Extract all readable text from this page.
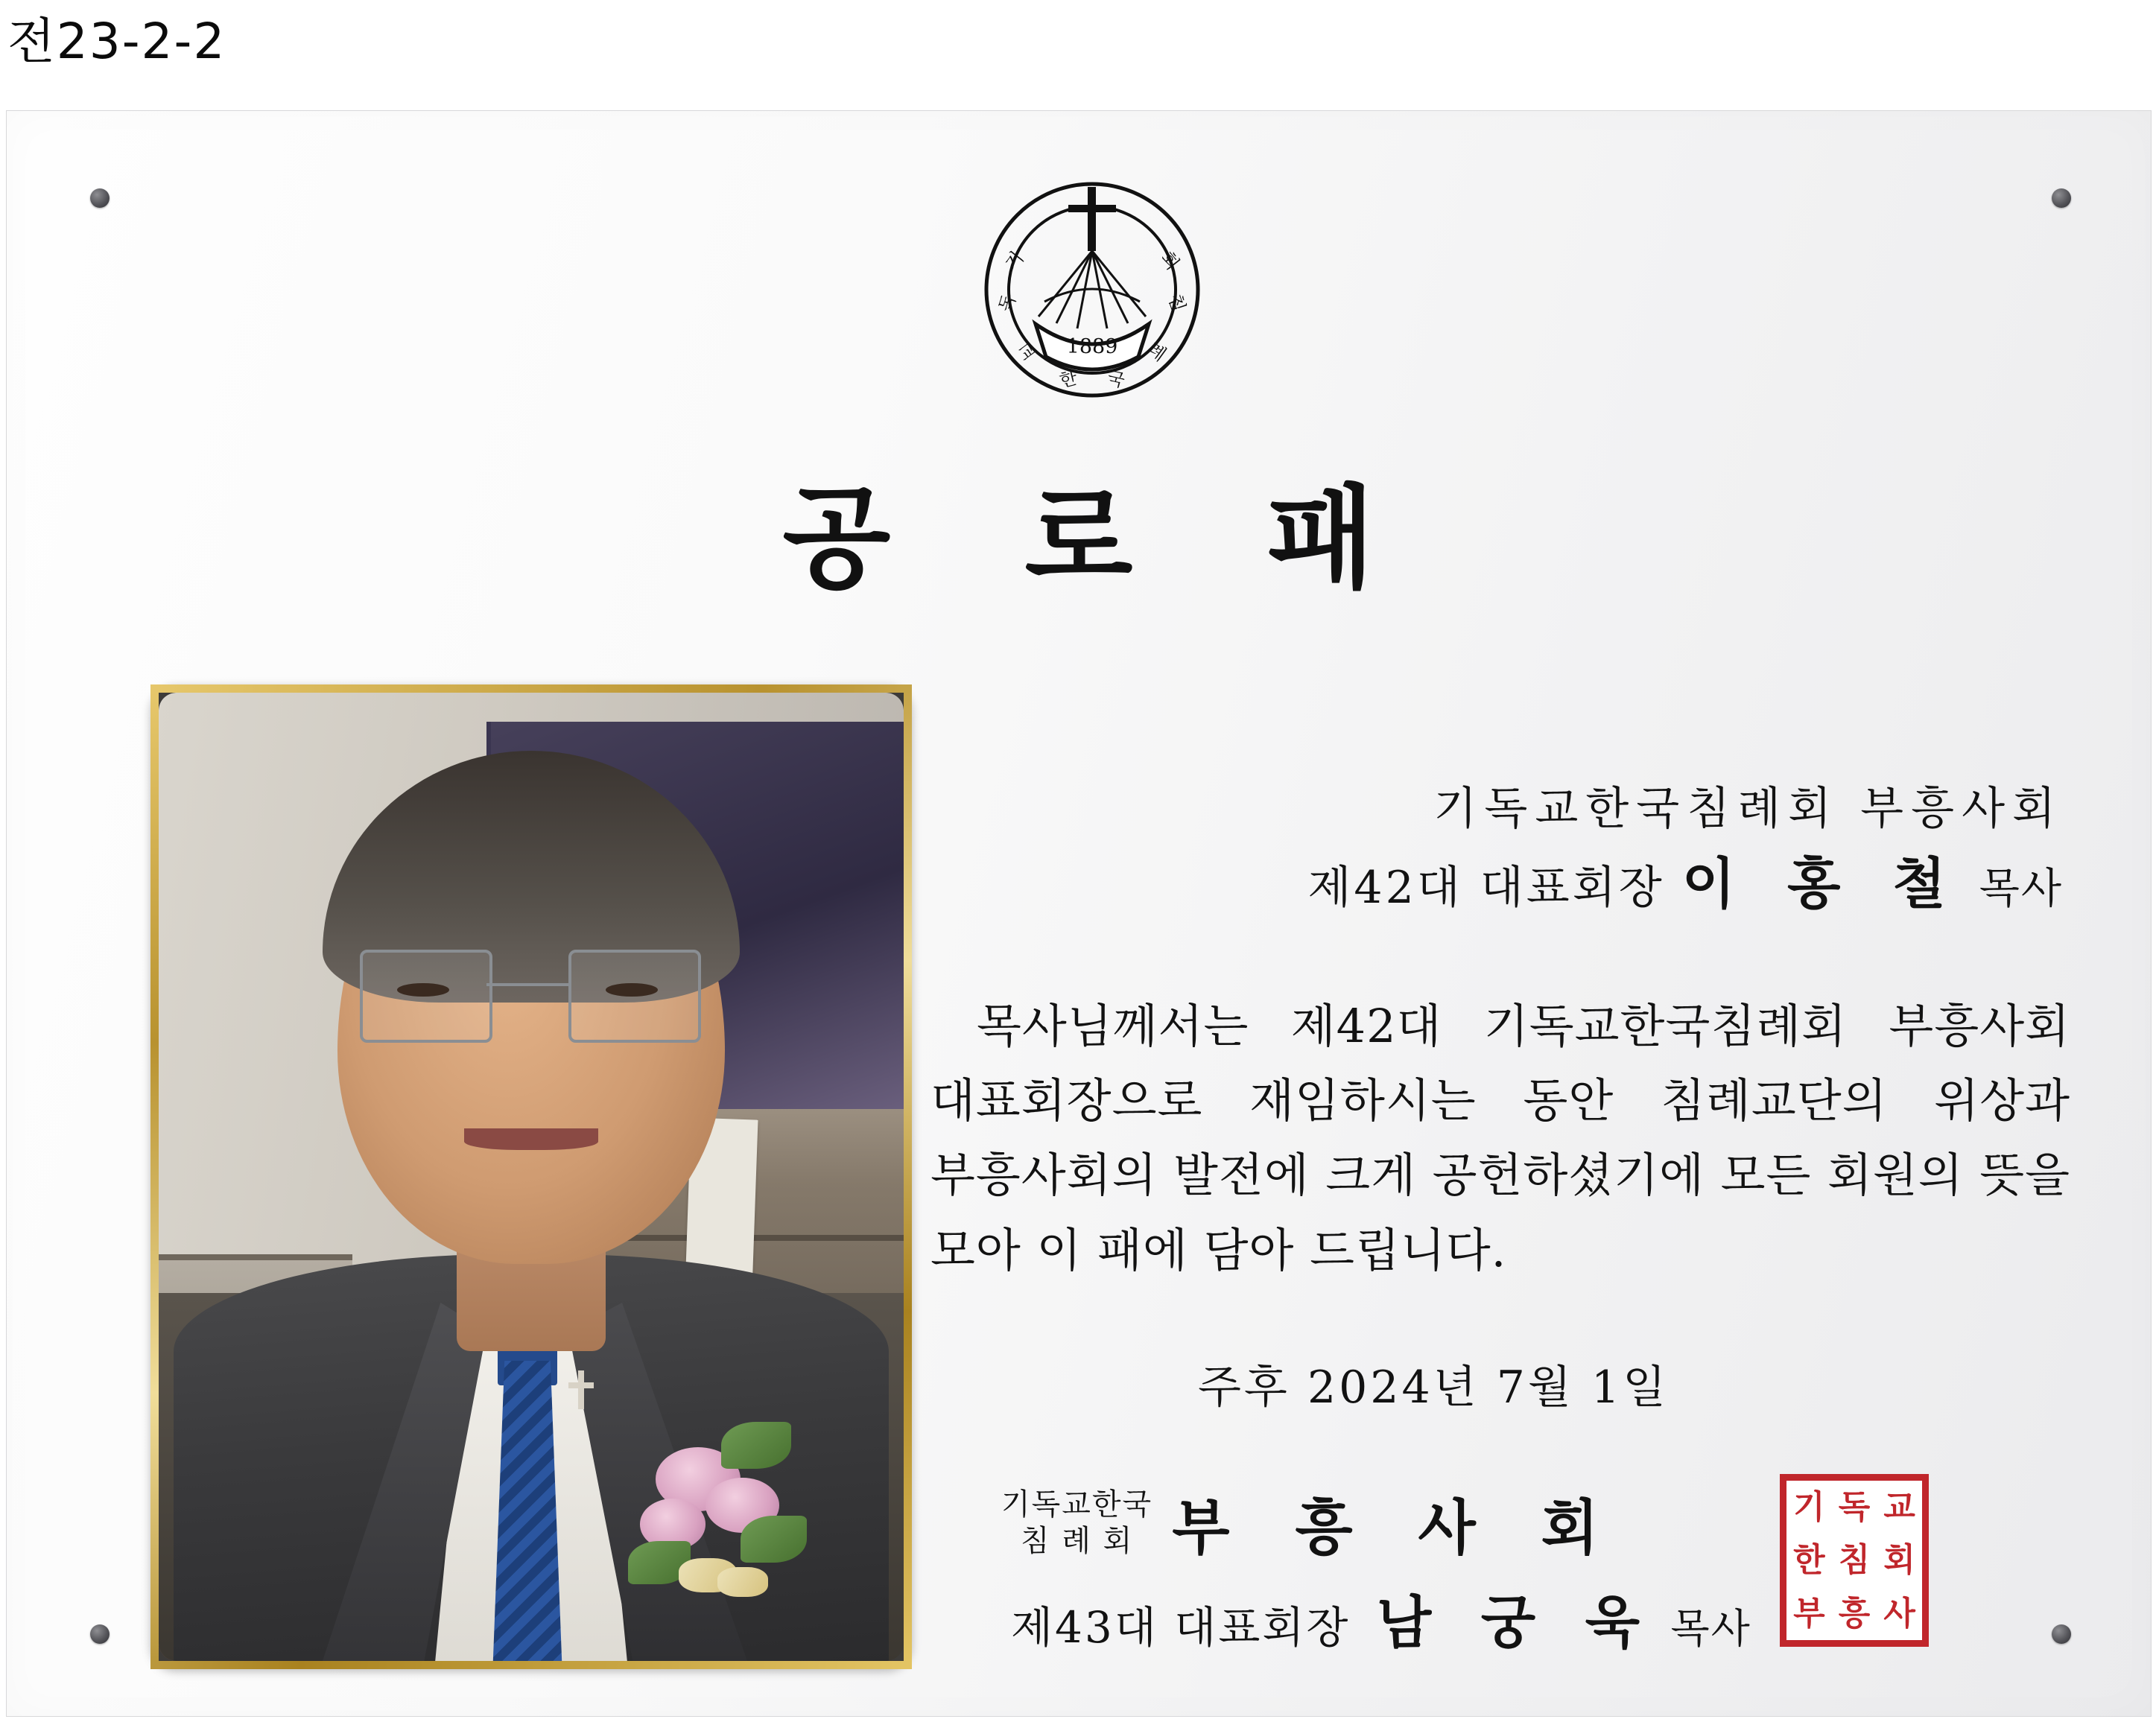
전23-2-2
1889
기
독
회
침
교
한 국
례
공 로 패
기독교한국침례회 부흥사회
제42대 대표회장 이 홍 철 목사
목사님께서는 제42대 기독교한국침례회 부흥사회 대표회장으로 재임하시는 동안 침례교단의 위상과 부흥사회의 발전에 크게 공헌하셨기에 모든 회원의 뜻을 모아 이 패에 담아 드립니다.
주후 2024년 7월 1일
기독교한국
침 례 회 부 흥 사 회
제43대 대표회장 남 궁 욱 목사
기 독 교
한 침 회
부 흥 사
